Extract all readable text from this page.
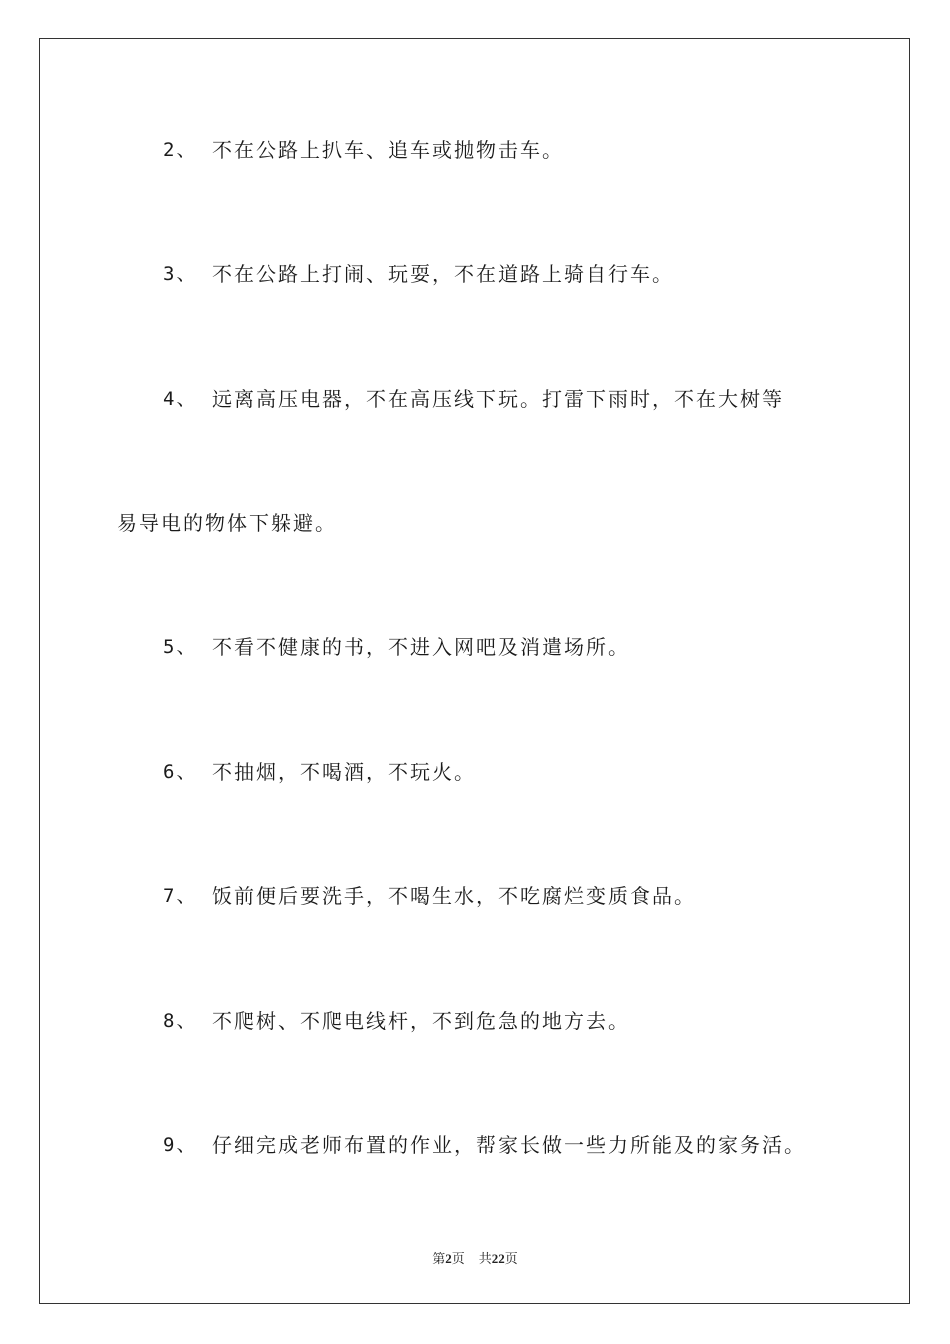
2、 不在公路上扒车、追车或抛物击车。
3、 不在公路上打闹、玩耍，不在道路上骑自行车。
4、 远离高压电器，不在高压线下玩。打雷下雨时，不在大树等
易导电的物体下躲避。
5、 不看不健康的书，不进入网吧及消遣场所。
6、 不抽烟，不喝酒，不玩火。
7、 饭前便后要洗手，不喝生水，不吃腐烂变质食品。
8、 不爬树、不爬电线杆，不到危急的地方去。
9、 仔细完成老师布置的作业，帮家长做一些力所能及的家务活。
第2页 共22页
